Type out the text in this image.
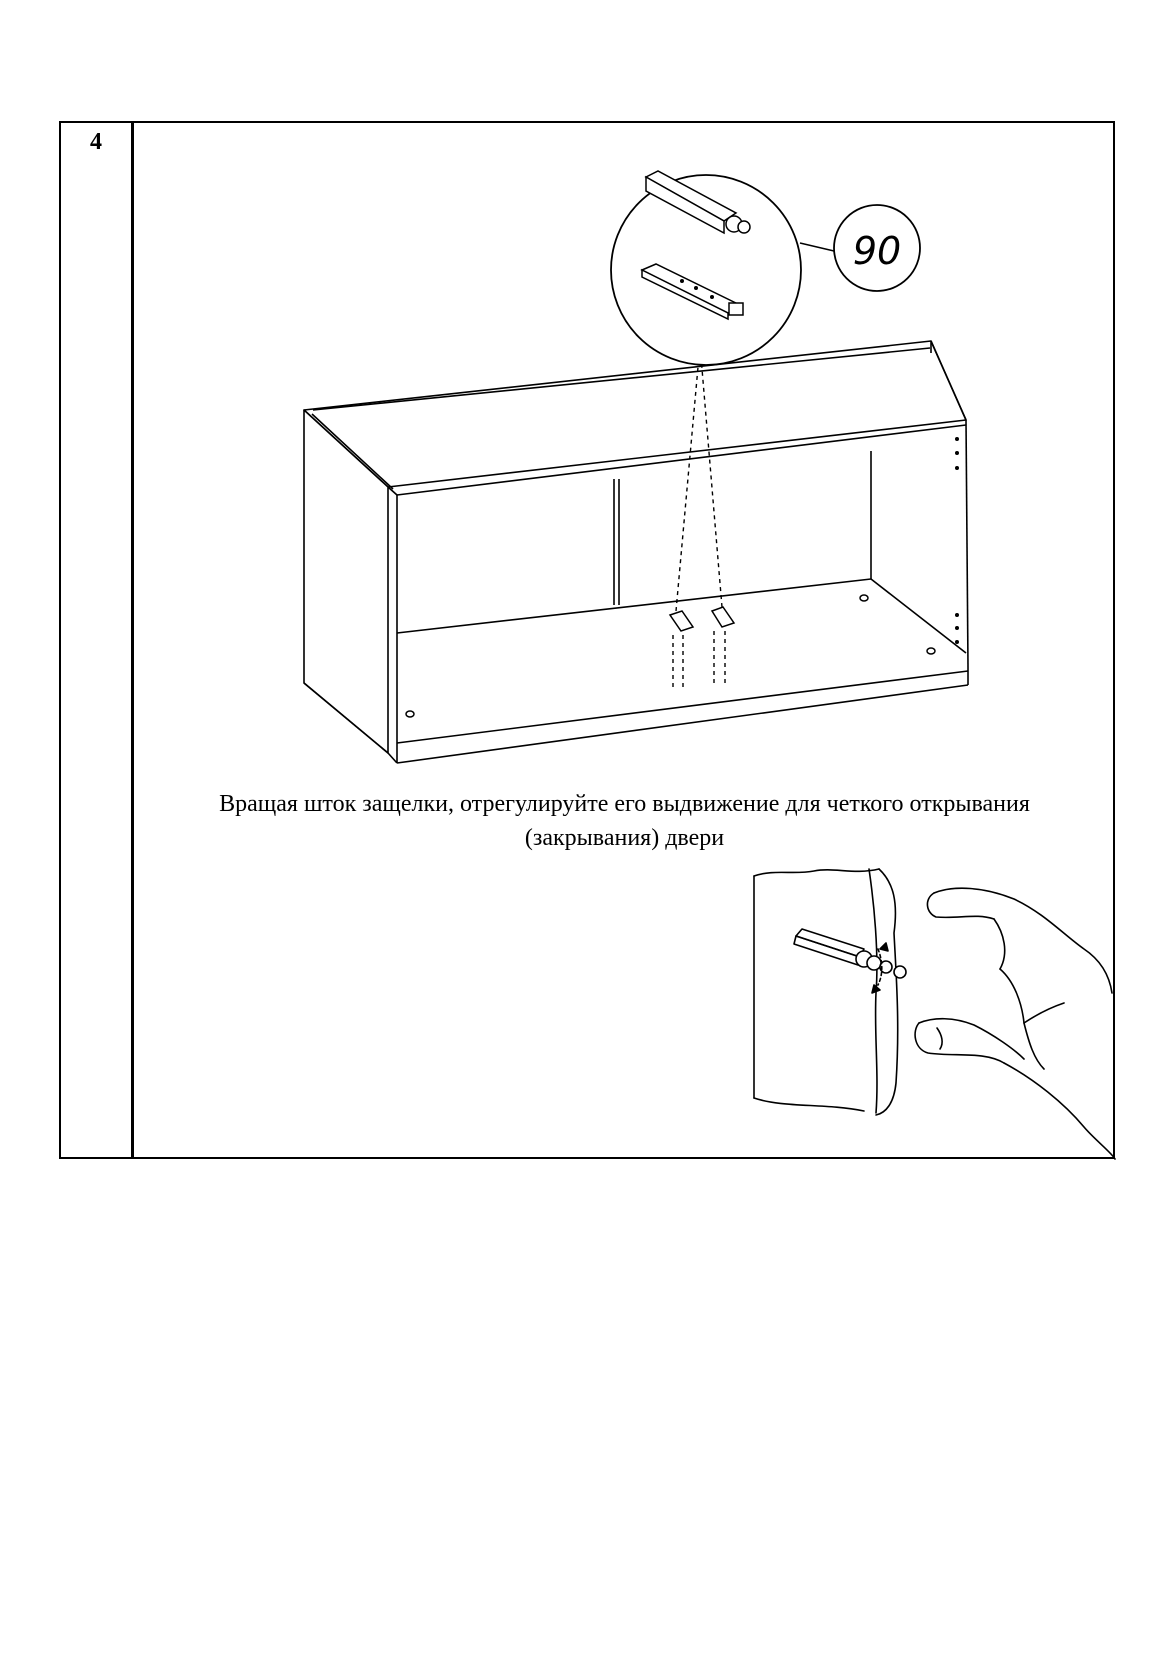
4
90
Вращая шток защелки, отрегулируйте его выдвижение для четкого открывания
(закрывания) двери
